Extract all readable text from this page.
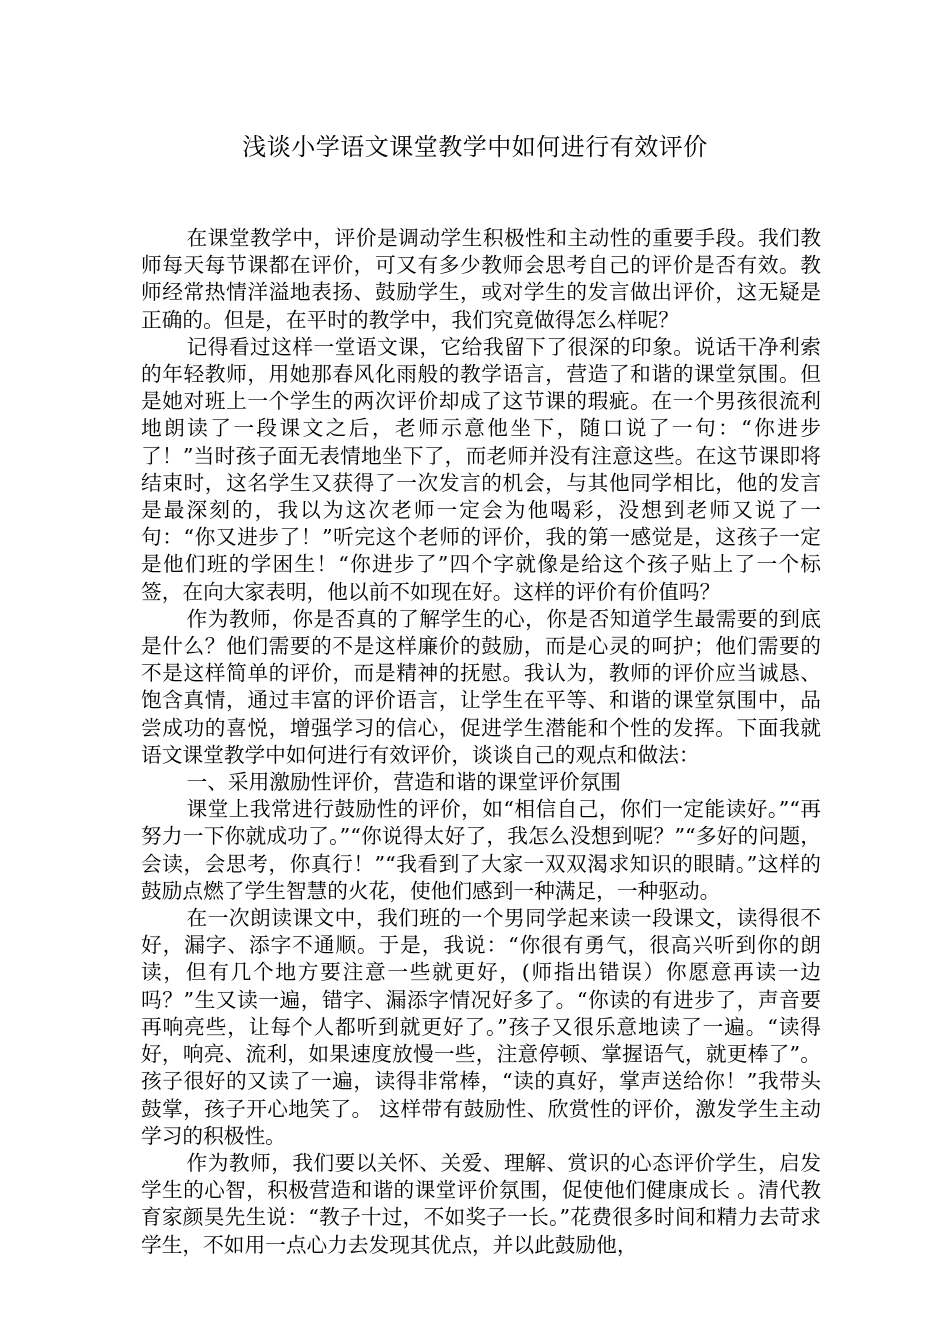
浅谈小学语文课堂教学中如何进行有效评价

在课堂教学中，评价是调动学生积极性和主动性的重要手段。我们教师每天每节课都在评价，可又有多少教师会思考自己的评价是否有效。教师经常热情洋溢地表扬、鼓励学生，或对学生的发言做出评价，这无疑是正确的。但是，在平时的教学中，我们究竟做得怎么样呢？

记得看过这样一堂语文课，它给我留下了很深的印象。说话干净利索的年轻教师，用她那春风化雨般的教学语言，营造了和谐的课堂氛围。但是她对班上一个学生的两次评价却成了这节课的瑕疵。在一个男孩很流利地朗读了一段课文之后，老师示意他坐下，随口说了一句：“你进步了！”当时孩子面无表情地坐下了，而老师并没有注意这些。在这节课即将结束时，这名学生又获得了一次发言的机会，与其他同学相比，他的发言是最深刻的，我以为这次老师一定会为他喝彩，没想到老师又说了一句：“你又进步了！”听完这个老师的评价，我的第一感觉是，这孩子一定是他们班的学困生！“你进步了”四个字就像是给这个孩子贴上了一个标签，在向大家表明，他以前不如现在好。这样的评价有价值吗？

作为教师，你是否真的了解学生的心，你是否知道学生最需要的到底是什么？他们需要的不是这样廉价的鼓励，而是心灵的呵护；他们需要的不是这样简单的评价，而是精神的抚慰。我认为，教师的评价应当诚恳、饱含真情，通过丰富的评价语言，让学生在平等、和谐的课堂氛围中，品尝成功的喜悦，增强学习的信心，促进学生潜能和个性的发挥。下面我就语文课堂教学中如何进行有效评价，谈谈自己的观点和做法：

一、采用激励性评价，营造和谐的课堂评价氛围

课堂上我常进行鼓励性的评价，如“相信自己，你们一定能读好。”“再努力一下你就成功了。”“你说得太好了，我怎么没想到呢？”“多好的问题，会读，会思考，你真行！”“我看到了大家一双双渴求知识的眼睛。”这样的鼓励点燃了学生智慧的火花，使他们感到一种满足，一种驱动。

在一次朗读课文中，我们班的一个男同学起来读一段课文，读得很不好，漏字、添字不通顺。于是，我说：“你很有勇气，很高兴听到你的朗读，但有几个地方要注意一些就更好，(师指出错误）你愿意再读一边吗？”生又读一遍，错字、漏添字情况好多了。“你读的有进步了，声音要再响亮些，让每个人都听到就更好了。”孩子又很乐意地读了一遍。“读得好，响亮、流利，如果速度放慢一些，注意停顿、掌握语气，就更棒了”。孩子很好的又读了一遍，读得非常棒，“读的真好，掌声送给你！”我带头鼓掌，孩子开心地笑了。 这样带有鼓励性、欣赏性的评价，激发学生主动学习的积极性。

作为教师，我们要以关怀、关爱、理解、赏识的心态评价学生，启发学生的心智，积极营造和谐的课堂评价氛围，促使他们健康成长 。清代教育家颜昊先生说：“教子十过，不如奖子一长。”花费很多时间和精力去苛求学生，不如用一点心力去发现其优点，并以此鼓励他，
